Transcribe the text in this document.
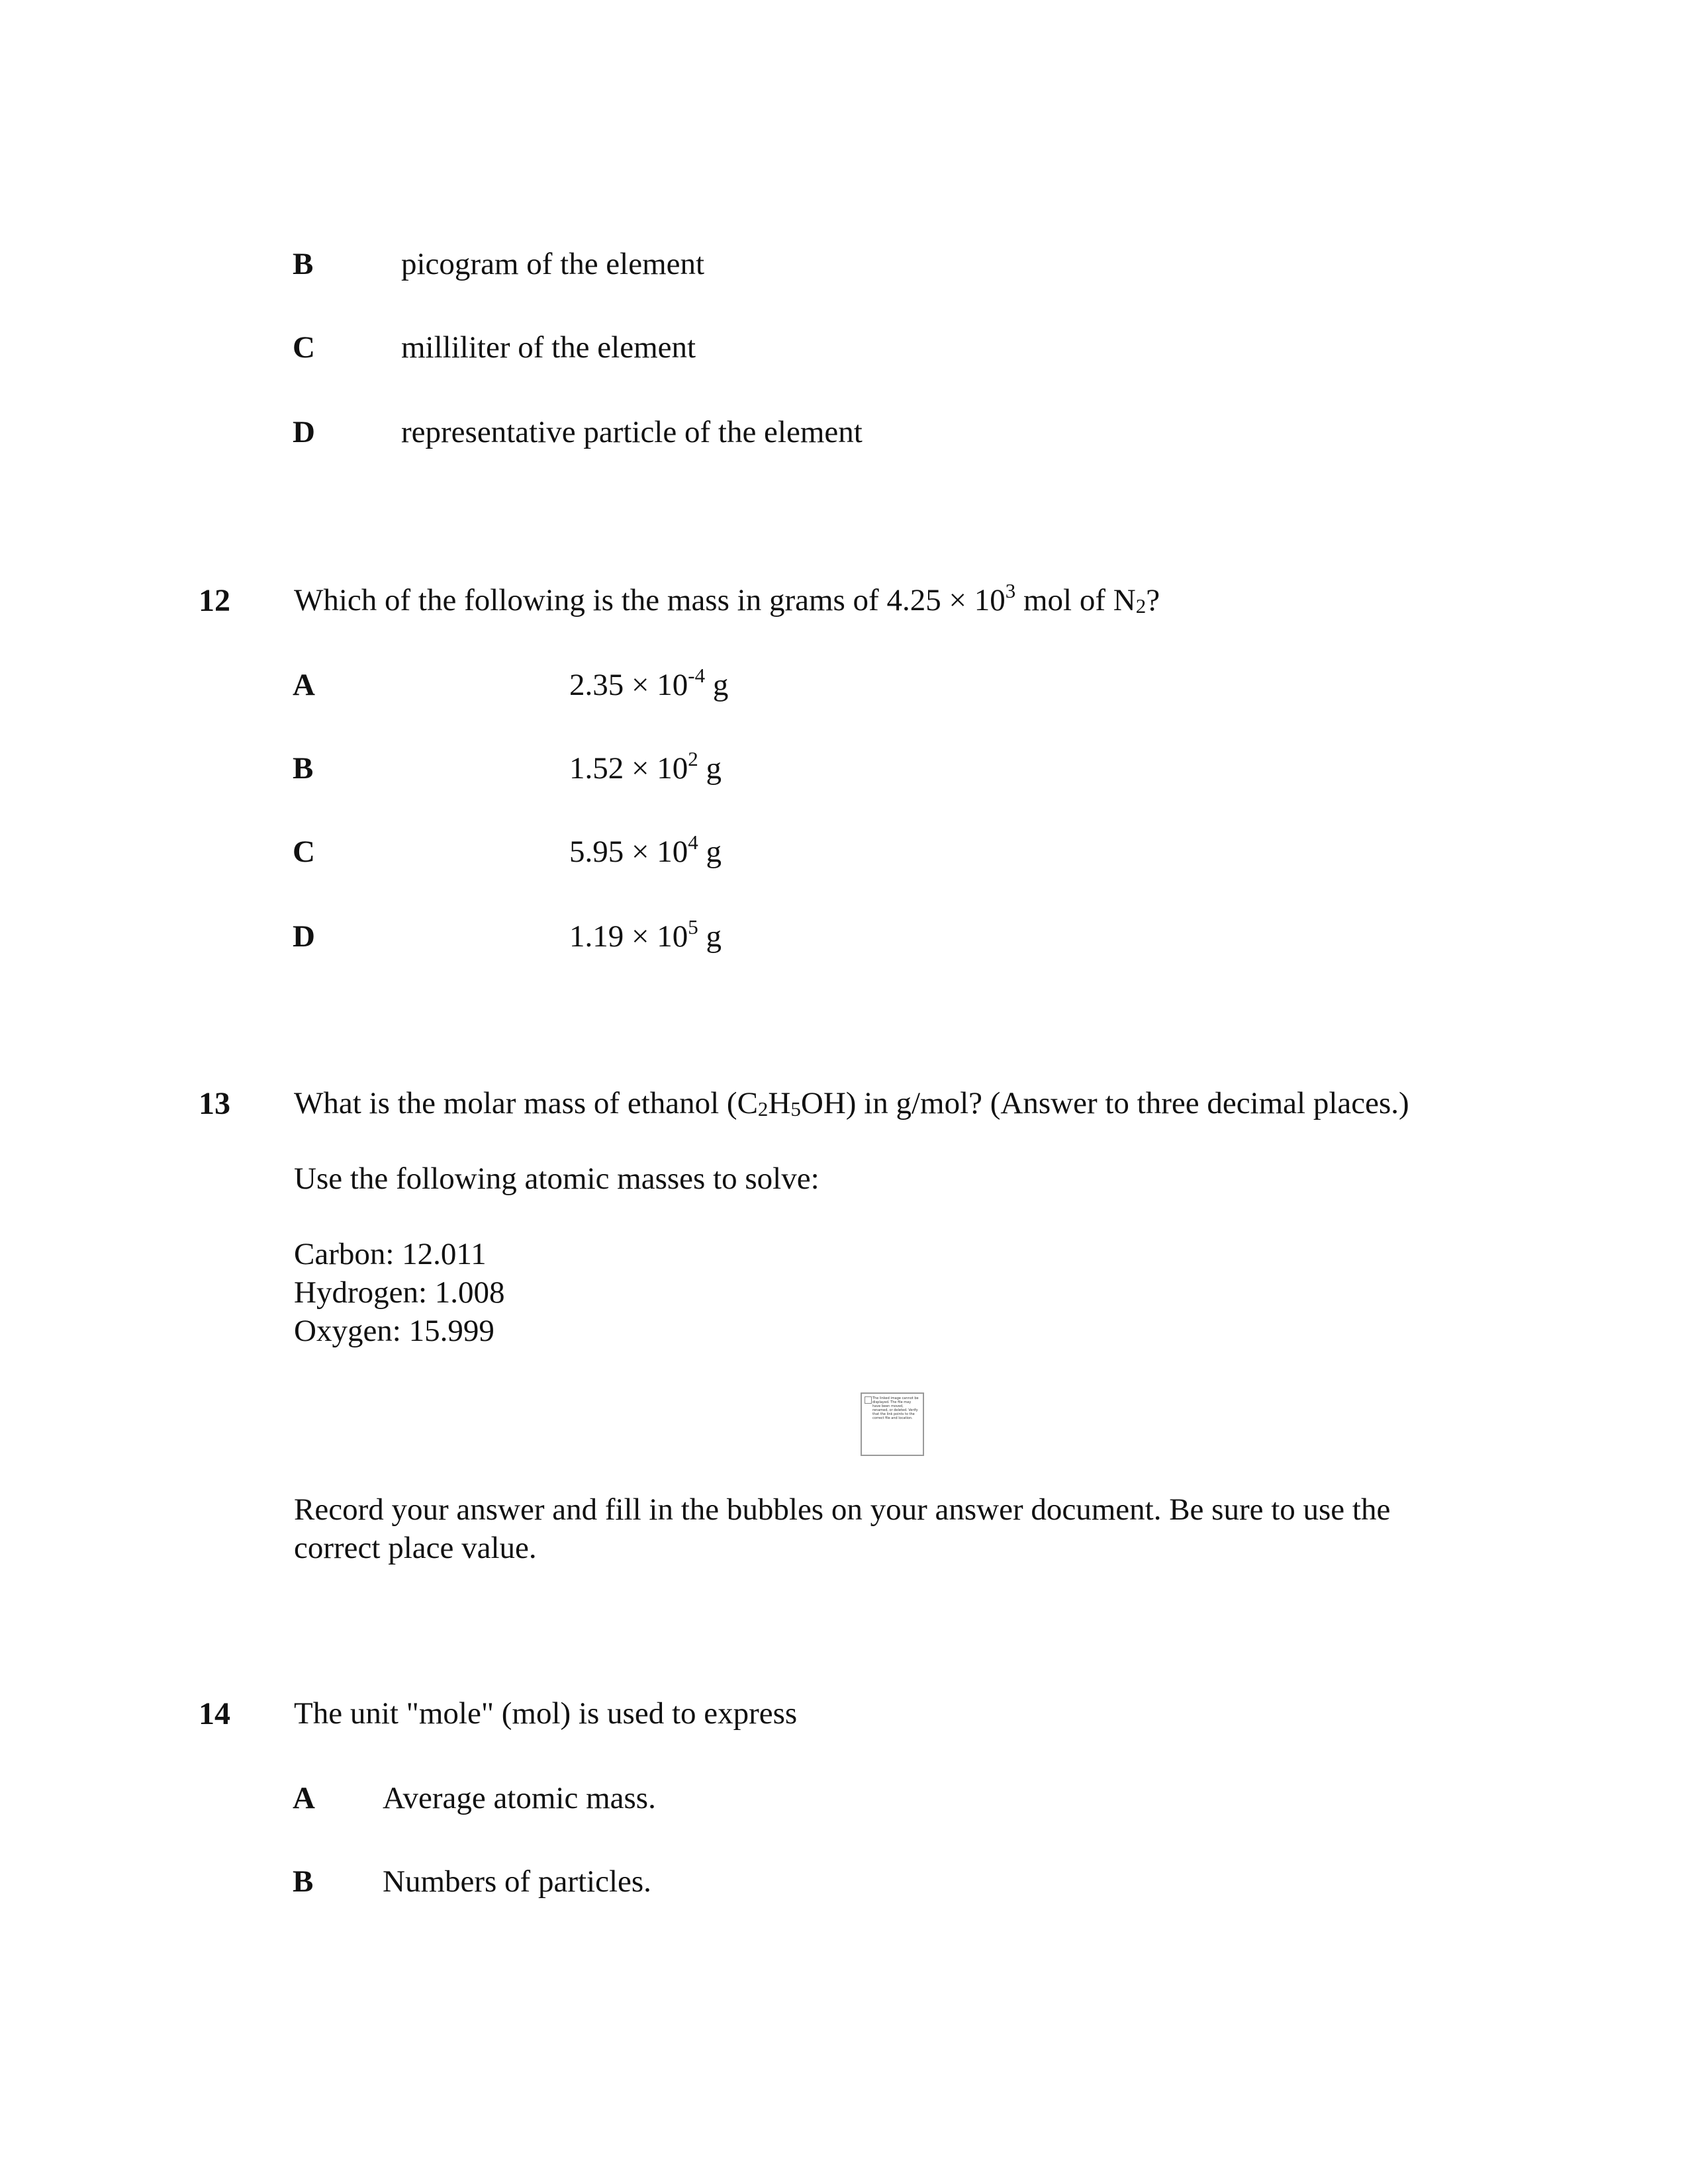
B	picogram of the element
C	milliliter of the element
D	representative particle of the element
12 Which of the following is the mass in grams of $4.25 \times 10^3$ mol of $N_2$?
A	$2.35 \times 10^{-4}$ g
B	$1.52 \times 10^2$ g
C	$5.95 \times 10^4$ g
D	$1.19 \times 10^5$ g
13 What is the molar mass of ethanol $(C_2H_5OH)$ in g/mol? (Answer to three decimal places.)
Use the following atomic masses to solve:
Carbon: 12.011
Hydrogen: 1.008
Oxygen: 15.999
The linked image cannot be displayed. The file may have been moved, renamed, or deleted. Verify that the link points to the correct file and location.
Record your answer and fill in the bubbles on your answer document. Be sure to use the correct place value.
14 The unit "mole" (mol) is used to express
A Average atomic mass.
B Numbers of particles.
